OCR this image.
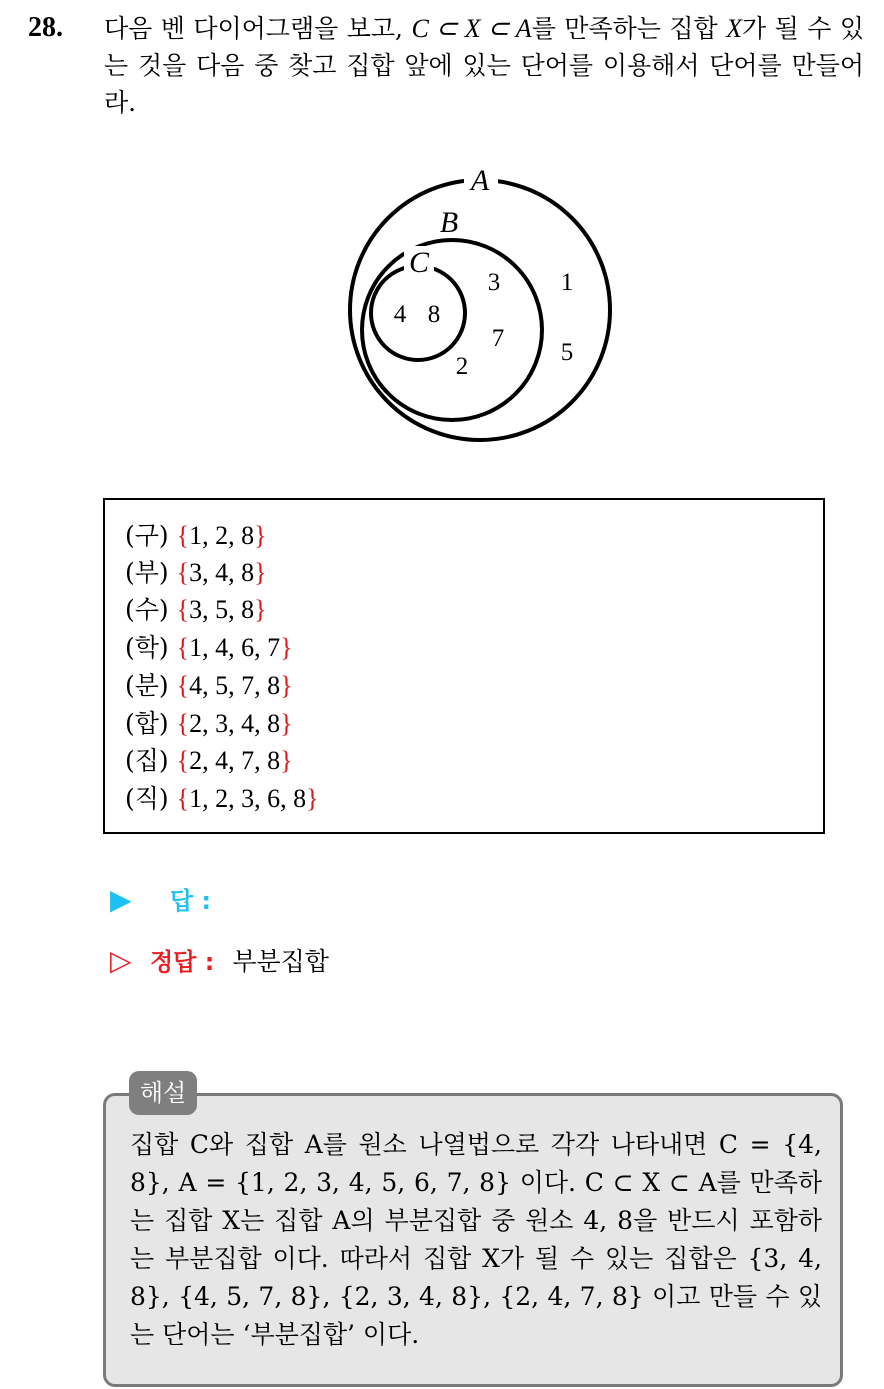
28. 다음 벤 다이어그램을 보고, C ⊂ X ⊂ A를 만족하는 집합 X가 될 수 있는 것을 다음 중 찾고 집합 앞에 있는 단어를 이용해서 단어를 만들어라.
A
B
C
4 8
3
7
2
1
5
(구) {1, 2, 8}
(부) {3, 4, 8}
(수) {3, 5, 8}
(학) {1, 4, 6, 7}
(분) {4, 5, 7, 8}
(합) {2, 3, 4, 8}
(집) {2, 4, 7, 8}
(직) {1, 2, 3, 6, 8}
▶ 답 :
▷ 정답 : 부분집합
집합 C와 집합 A를 원소 나열법으로 각각 나타내면 C = {4, 8}, A = {1, 2, 3, 4, 5, 6, 7, 8} 이다. C ⊂ X ⊂ A를 만족하는 집합 X는 집합 A의 부분집합 중 원소 4, 8을 반드시 포함하는 부분집합 이다. 따라서 집합 X가 될 수 있는 집합은 {3, 4, 8}, {4, 5, 7, 8}, {2, 3, 4, 8}, {2, 4, 7, 8} 이고 만들 수 있는 단어는 ‘부분집합’ 이다.
해설
